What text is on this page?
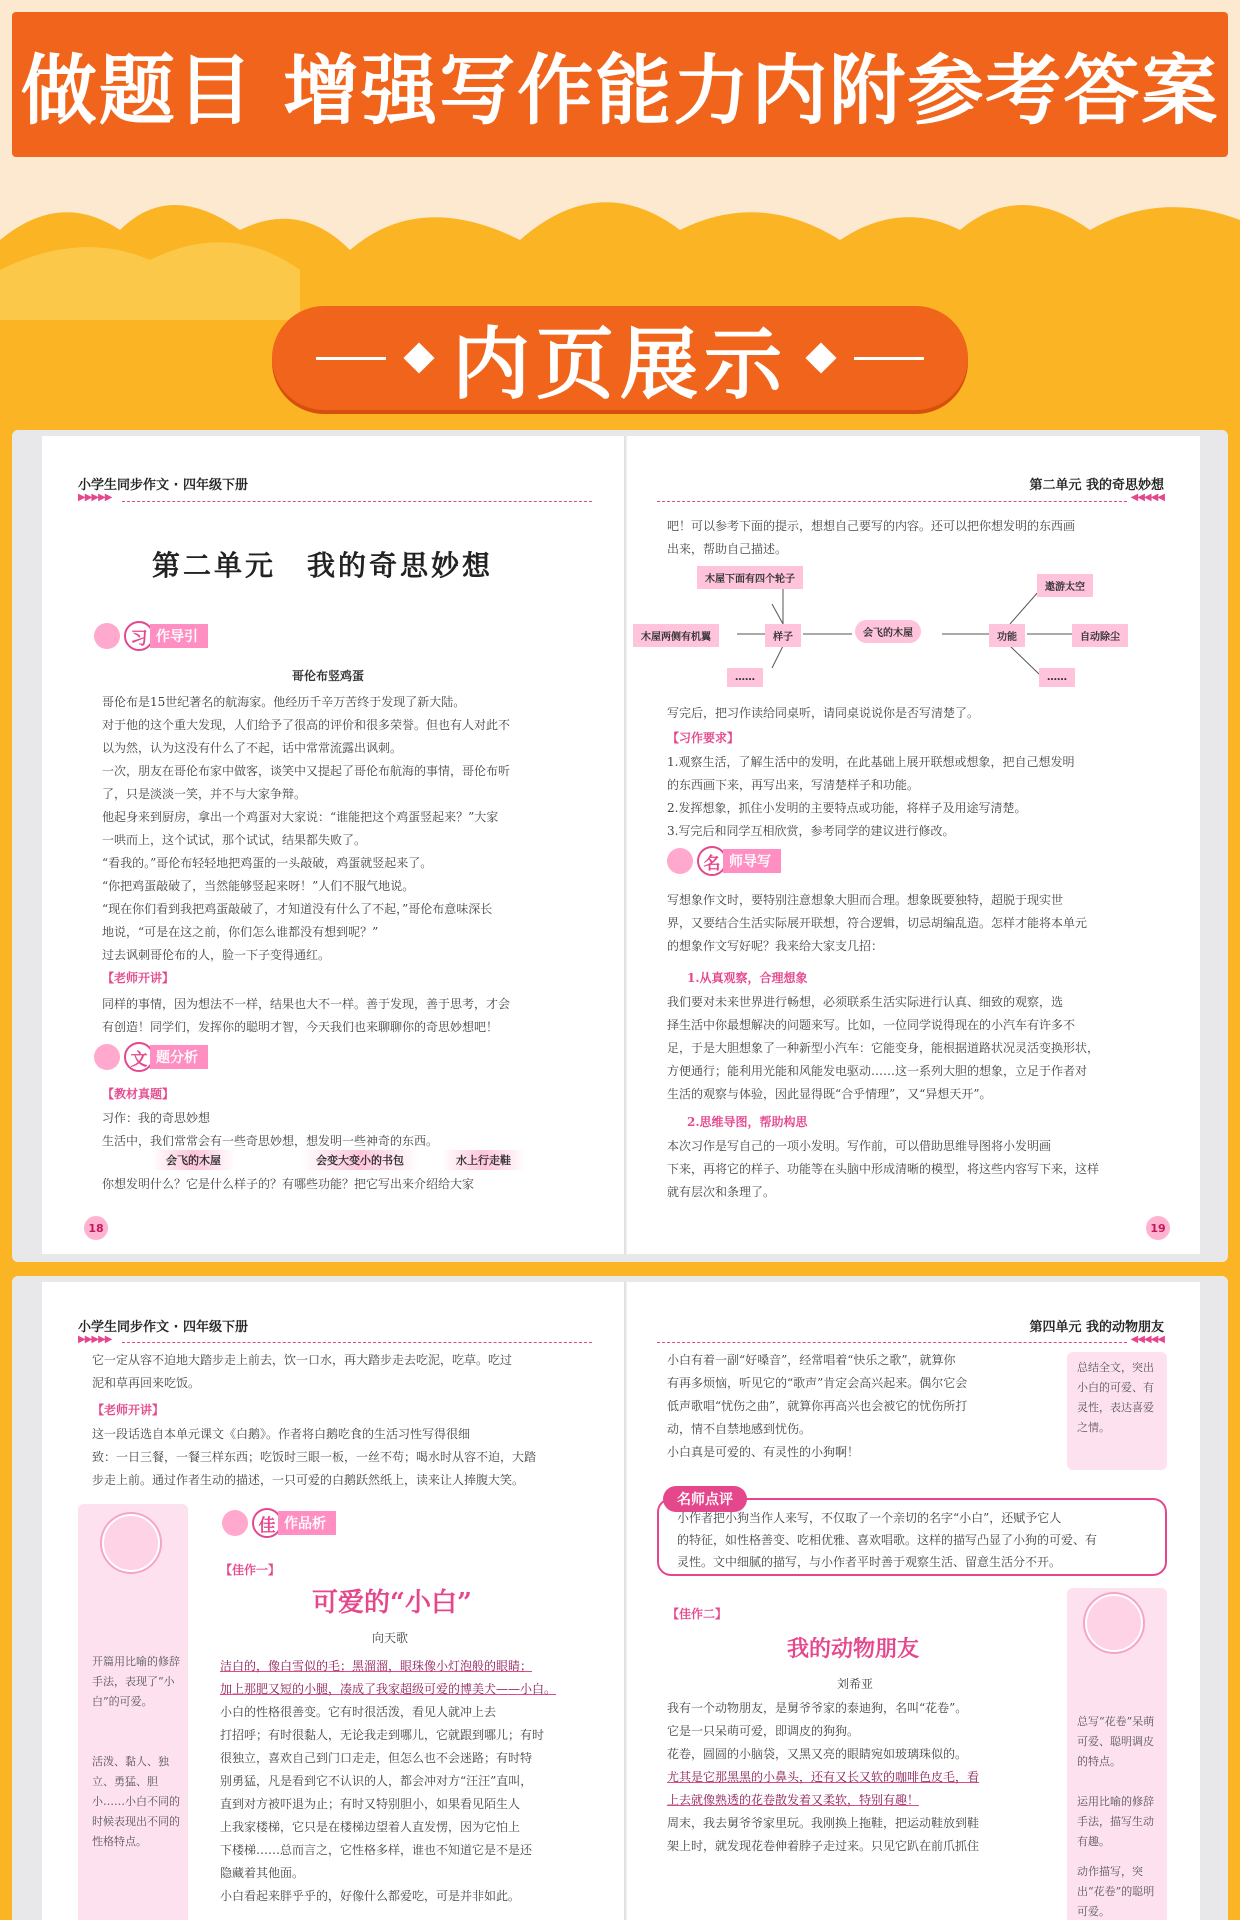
做题目 增强写作能力内附参考答案
内页展示
小学生同步作文 · 四年级下册
▶▶▶▶▶
第二单元　我的奇思妙想
习 作导引
哥伦布竖鸡蛋
哥伦布是15世纪著名的航海家。他经历千辛万苦终于发现了新大陆。
对于他的这个重大发现，人们给予了很高的评价和很多荣誉。但也有人对此不
以为然，认为这没有什么了不起，话中常常流露出讽刺。
一次，朋友在哥伦布家中做客，谈笑中又提起了哥伦布航海的事情，哥伦布听
了，只是淡淡一笑，并不与大家争辩。
他起身来到厨房，拿出一个鸡蛋对大家说：“谁能把这个鸡蛋竖起来？”大家
一哄而上，这个试试，那个试试，结果都失败了。
“看我的。”哥伦布轻轻地把鸡蛋的一头敲破，鸡蛋就竖起来了。
“你把鸡蛋敲破了，当然能够竖起来呀！”人们不服气地说。
“现在你们看到我把鸡蛋敲破了，才知道没有什么了不起，”哥伦布意味深长
地说，“可是在这之前，你们怎么谁都没有想到呢？”
过去讽刺哥伦布的人，脸一下子变得通红。
【老师开讲】
同样的事情，因为想法不一样，结果也大不一样。善于发现，善于思考，才会
有创造！同学们，发挥你的聪明才智，今天我们也来聊聊你的奇思妙想吧！
文 题分析
【教材真题】
习作：我的奇思妙想
生活中，我们常常会有一些奇思妙想，想发明一些神奇的东西。
会飞的木屋	会变大变小的书包	水上行走鞋
你想发明什么？它是什么样子的？有哪些功能？把它写出来介绍给大家
18
第二单元 我的奇思妙想
◀◀◀◀◀
吧！可以参考下面的提示，想想自己要写的内容。还可以把你想发明的东西画
出来，帮助自己描述。
木屋下面有四个轮子
木屋两侧有机翼
……
样子	会飞的木屋	功能
遨游太空
自动除尘
……
写完后，把习作读给同桌听，请同桌说说你是否写清楚了。
【习作要求】
1.观察生活，了解生活中的发明，在此基础上展开联想或想象，把自己想发明
的东西画下来，再写出来，写清楚样子和功能。
2.发挥想象，抓住小发明的主要特点或功能，将样子及用途写清楚。
3.写完后和同学互相欣赏，参考同学的建议进行修改。
名 师导写
写想象作文时，要特别注意想象大胆而合理。想象既要独特，超脱于现实世
界，又要结合生活实际展开联想，符合逻辑，切忌胡编乱造。怎样才能将本单元
的想象作文写好呢？我来给大家支几招：
1.从真观察，合理想象
我们要对未来世界进行畅想，必须联系生活实际进行认真、细致的观察，选
择生活中你最想解决的问题来写。比如，一位同学说得现在的小汽车有许多不
足，于是大胆想象了一种新型小汽车：它能变身，能根据道路状况灵活变换形状，
方便通行；能利用光能和风能发电驱动……这一系列大胆的想象，立足于作者对
生活的观察与体验，因此显得既“合乎情理”，又“异想天开”。
2.思维导图，帮助构思
本次习作是写自己的一项小发明。写作前，可以借助思维导图将小发明画
下来，再将它的样子、功能等在头脑中形成清晰的模型，将这些内容写下来，这样
就有层次和条理了。
19
小学生同步作文 · 四年级下册
▶▶▶▶▶
它一定从容不迫地大踏步走上前去，饮一口水，再大踏步走去吃泥，吃草。吃过
泥和草再回来吃饭。
【老师开讲】
这一段话选自本单元课文《白鹅》。作者将白鹅吃食的生活习性写得很细
致：一日三餐，一餐三样东西；吃饭时三眼一板，一丝不苟；喝水时从容不迫，大踏
步走上前。通过作者生动的描述，一只可爱的白鹅跃然纸上，读来让人捧腹大笑。
开篇用比喻的修辞手法，表现了“小白”的可爱。
活泼、黏人、独立、勇猛、胆小……小白不同的时候表现出不同的性格特点。
佳 作品析
【佳作一】
可爱的“小白”
向天歌
洁白的，像白雪似的毛；黑溜溜，眼珠像小灯泡般的眼睛；
加上那肥又短的小腿，凑成了我家超级可爱的博美犬——小白。
小白的性格很善变。它有时很活泼，看见人就冲上去
打招呼；有时很黏人，无论我走到哪儿，它就跟到哪儿；有时
很独立，喜欢自己到门口走走，但怎么也不会迷路；有时特
别勇猛，凡是看到它不认识的人，都会冲对方“汪汪”直叫，
直到对方被吓退为止；有时又特别胆小，如果看见陌生人
上我家楼梯，它只是在楼梯边望着人直发愣，因为它怕上
下楼梯……总而言之，它性格多样，谁也不知道它是不是还
隐藏着其他面。
小白看起来胖乎乎的，好像什么都爱吃，可是并非如此。
第四单元 我的动物朋友
◀◀◀◀◀
小白有着一副“好嗓音”，经常唱着“快乐之歌”，就算你
有再多烦恼，听见它的“歌声”肯定会高兴起来。偶尔它会
低声歌唱“忧伤之曲”，就算你再高兴也会被它的忧伤所打
动，情不自禁地感到忧伤。
小白真是可爱的、有灵性的小狗啊！
总结全文，突出小白的可爱、有灵性，表达喜爱之情。
名师点评
小作者把小狗当作人来写，不仅取了一个亲切的名字“小白”，还赋予它人
的特征，如性格善变、吃相优雅、喜欢唱歌。这样的描写凸显了小狗的可爱、有
灵性。文中细腻的描写，与小作者平时善于观察生活、留意生活分不开。
总写“花卷”呆萌可爱、聪明调皮的特点。
运用比喻的修辞手法，描写生动有趣。
动作描写，突出“花卷”的聪明可爱。
【佳作二】
我的动物朋友
刘希亚
我有一个动物朋友，是舅爷爷家的泰迪狗，名叫“花卷”。
它是一只呆萌可爱，即调皮的狗狗。
花卷，圆圆的小脑袋，又黑又亮的眼睛宛如玻璃珠似的。
尤其是它那黑黑的小鼻头，还有又长又软的咖啡色皮毛，看
上去就像熟透的花卷散发着又柔软，特别有趣！
周末，我去舅爷爷家里玩。我刚换上拖鞋，把运动鞋放到鞋
架上时，就发现花卷伸着脖子走过来。只见它趴在前爪抓住
